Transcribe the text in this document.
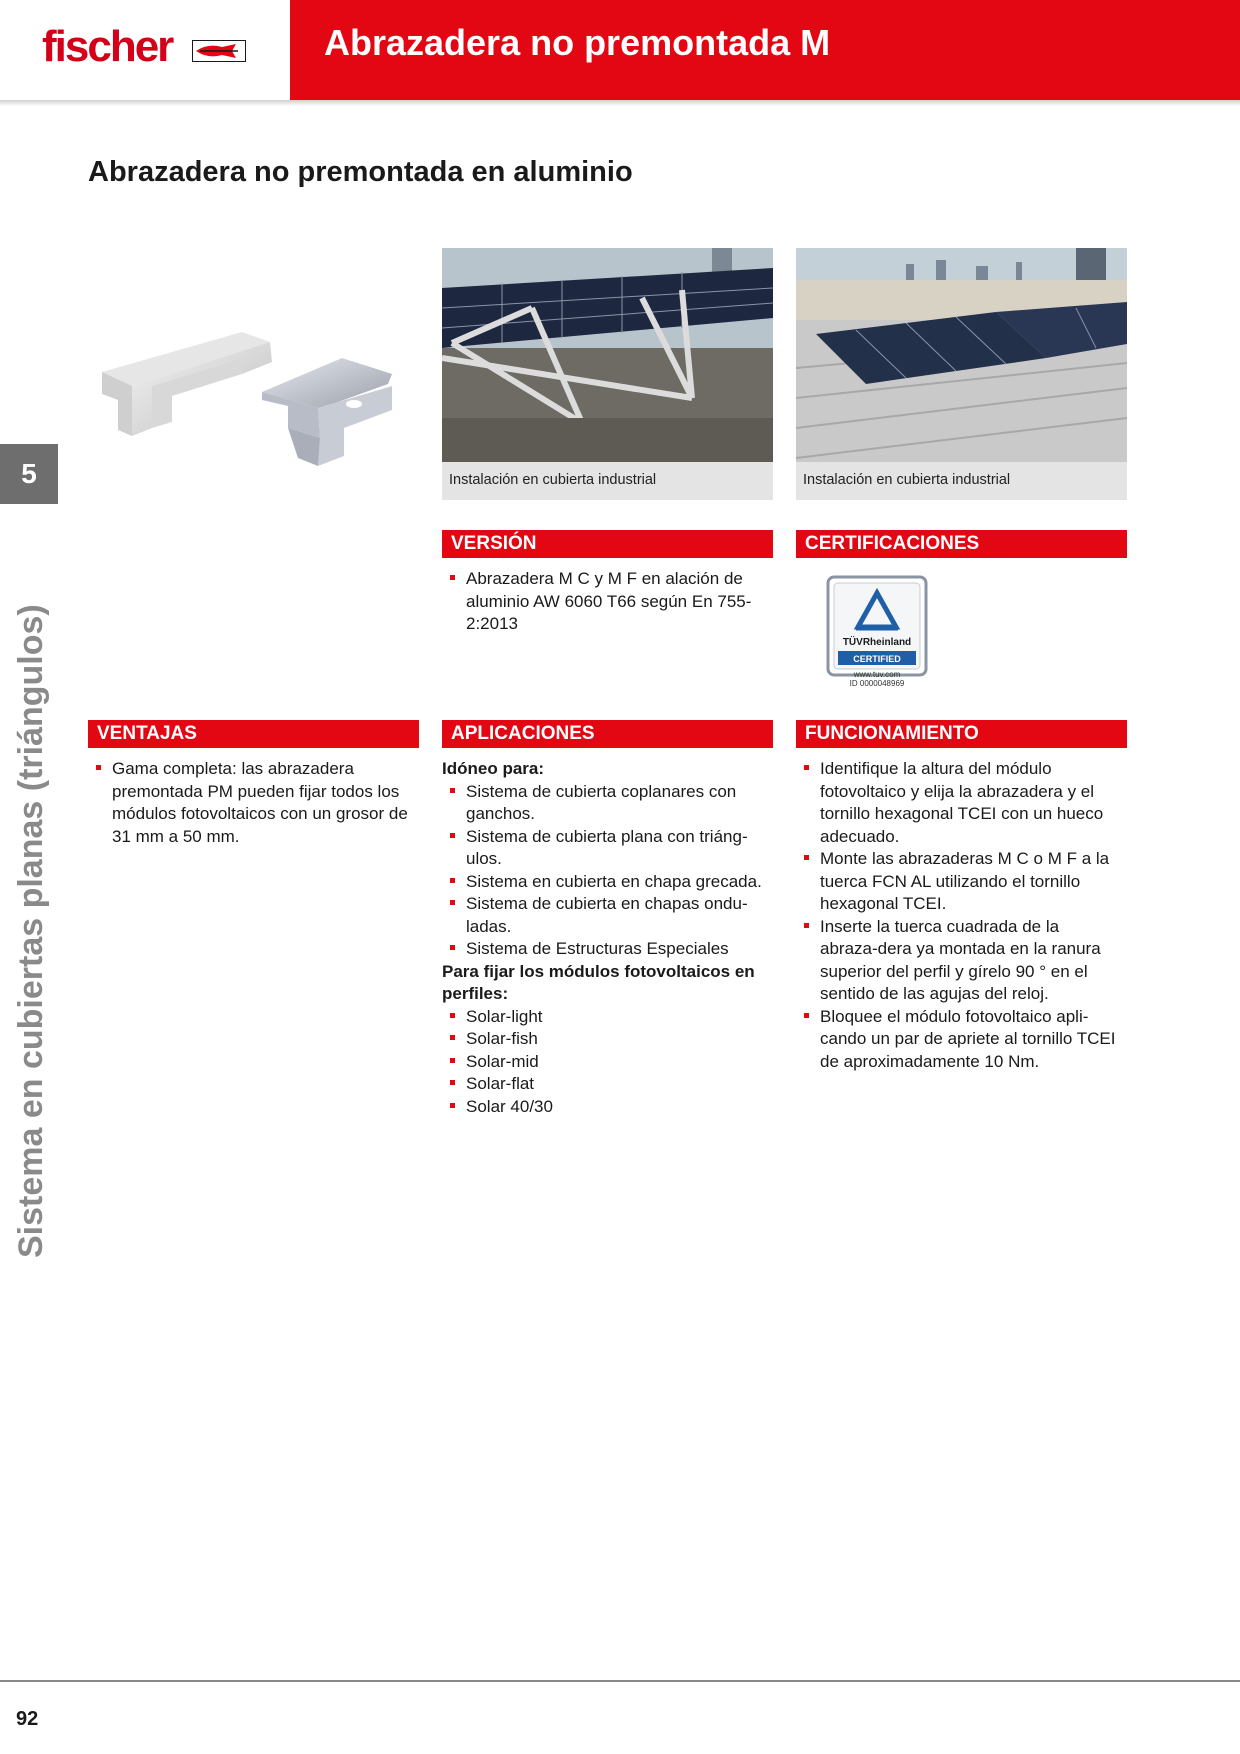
fischer	Abrazadera no premontada M
Abrazadera no premontada en aluminio
5
Sistema en cubiertas planas (triángulos)
Instalación en cubierta industrial	Instalación en cubierta industrial
VERSIÓN
Abrazadera M C y M F en alación de aluminio AW 6060 T66 según En 755-2:2013
CERTIFICACIONES
TÜVRheinland
CERTIFIED
www.tuv.com
ID 0000048969
VENTAJAS
Gama completa: las abrazadera premontada PM pueden fijar todos los módulos fotovoltaicos con un grosor de 31 mm a 50 mm.
APLICACIONES
Idóneo para:
Sistema de cubierta coplanares con ganchos.
Sistema de cubierta plana con triáng-ulos.
Sistema en cubierta en chapa grecada.
Sistema de cubierta en chapas ondu-ladas.
Sistema de Estructuras Especiales
Para fijar los módulos fotovoltaicos en perfiles:
Solar-light
Solar-fish
Solar-mid
Solar-flat
Solar 40/30
FUNCIONAMIENTO
Identifique la altura del módulo fotovoltaico y elija la abrazadera y el tornillo hexagonal TCEI con un hueco adecuado.
Monte las abrazaderas M C o M F a la tuerca FCN AL utilizando el tornillo hexagonal TCEI.
Inserte la tuerca cuadrada de la abraza-dera ya montada en la ranura superior del perfil y gírelo 90 ° en el sentido de las agujas del reloj.
Bloquee el módulo fotovoltaico apli-cando un par de apriete al tornillo TCEI de aproximadamente 10 Nm.
92
